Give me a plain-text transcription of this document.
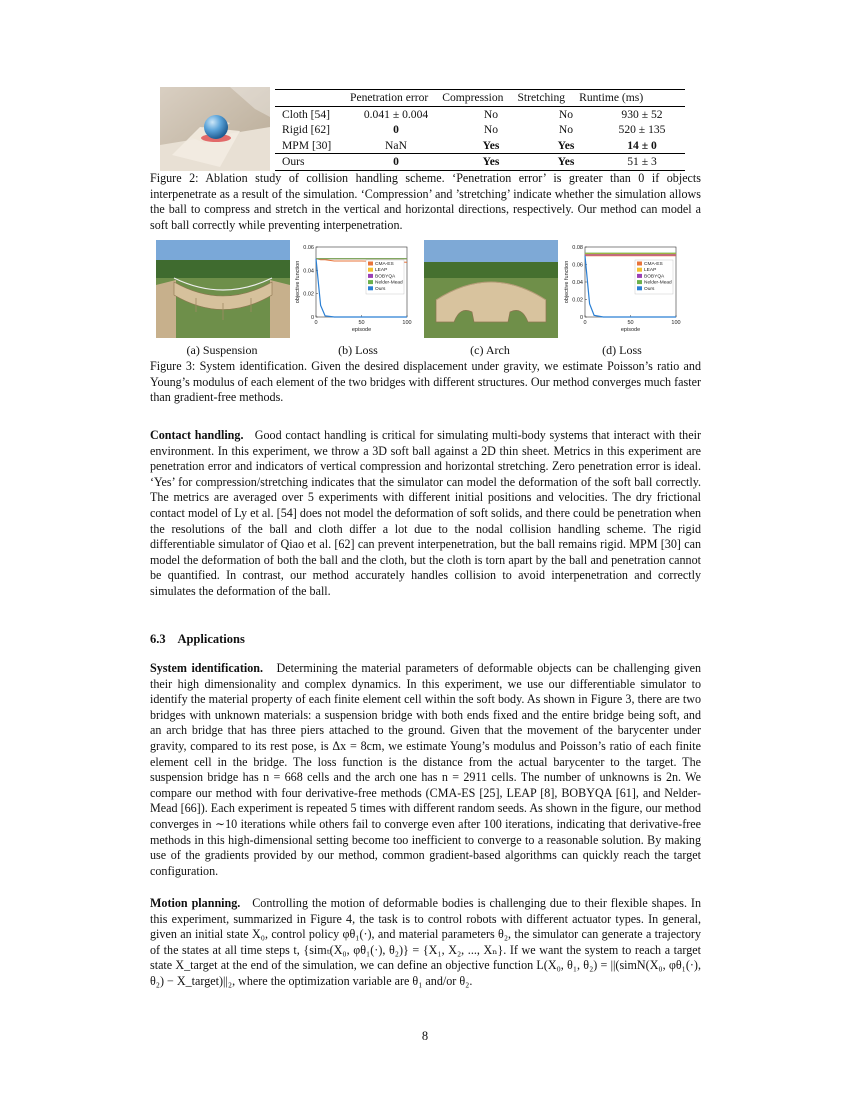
	Penetration error	Compression	Stretching	Runtime (ms)
Cloth [54]	0.041 ± 0.004	No	No	930 ± 52
Rigid [62]	0	No	No	520 ± 135
MPM [30]	NaN	Yes	Yes	14 ± 0
Ours	0	Yes	Yes	51 ± 3
Figure 2: Ablation study of collision handling scheme. ‘Penetration error’ is greater than 0 if objects interpenetrate as a result of the simulation. ‘Compression’ and ’stretching’ indicate whether the simulation allows the ball to compress and stretch in the vertical and horizontal directions, respectively. Our method can model a soft ball correctly while preventing interpenetration.
0
0.02
0.04
0.06
0	50	100
episode
objective function	CMA-ES
LEAP
BOBYQA
Nelder-Mead
Ours
0
0.02
0.04
0.06
0.08
0	50	100
episode
objective function	CMA-ES
LEAP
BOBYQA
Nelder-Mead
Ours
(a) Suspension	(b) Loss	(c) Arch	(d) Loss
Figure 3: System identification. Given the desired displacement under gravity, we estimate Poisson’s ratio and Young’s modulus of each element of the two bridges with different structures. Our method converges much faster than gradient-free methods.
Contact handling. Good contact handling is critical for simulating multi-body systems that interact with their environment. In this experiment, we throw a 3D soft ball against a 2D thin sheet. Metrics in this experiment are penetration error and indicators of vertical compression and horizontal stretching. Zero penetration error is ideal. ‘Yes’ for compression/stretching indicates that the simulator can model the deformation of the soft ball correctly. The metrics are averaged over 5 experiments with different initial positions and velocities. The dry frictional contact model of Ly et al. [54] does not model the deformation of soft solids, and there could be penetration when the resolutions of the ball and cloth differ a lot due to the nodal collision handling scheme. The rigid differentiable simulator of Qiao et al. [62] can prevent interpenetration, but the ball remains rigid. MPM [30] can model the deformation of both the ball and the cloth, but the cloth is torn apart by the ball and penetration cannot be quantified. In contrast, our method accurately handles collision to avoid interpenetration and correctly simulates the deformation of the ball.
6.3 Applications
System identification. Determining the material parameters of deformable objects can be challenging given their high dimensionality and complex dynamics. In this experiment, we use our differentiable simulator to identify the material property of each finite element cell within the soft body. As shown in Figure 3, there are two bridges with unknown materials: a suspension bridge with both ends fixed and the entire bridge being soft, and an arch bridge that has three piers attached to the ground. Given that the movement of the barycenter under gravity, compared to its rest pose, is Δx = 8cm, we estimate Young’s modulus and Poisson’s ratio of each finite element cell in the bridge. The loss function is the distance from the actual barycenter to the target. The suspension bridge has n = 668 cells and the arch one has n = 2911 cells. The number of unknowns is 2n. We compare our method with four derivative-free methods (CMA-ES [25], LEAP [8], BOBYQA [61], and Nelder-Mead [66]). Each experiment is repeated 5 times with different random seeds. As shown in the figure, our method converges in ∼10 iterations while others fail to converge even after 100 iterations, indicating that derivative-free methods in this high-dimensional setting become too inefficient to converge to a reasonable solution. By making use of the gradients provided by our method, common gradient-based algorithms can quickly reach the target configuration.
Motion planning. Controlling the motion of deformable bodies is challenging due to their flexible shapes. In this experiment, summarized in Figure 4, the task is to control robots with different actuator types. In general, given an initial state X₀, control policy φθ₁(·), and material parameters θ₂, the simulator can generate a trajectory of the states at all time steps t, {simₜ(X₀, φθ₁(·), θ₂)} = {X₁, X₂, ..., Xₙ}. If we want the system to reach a target state X_target at the end of the simulation, we can define an objective function L(X₀, θ₁, θ₂) = ||(simN(X₀, φθ₁(·), θ₂) − X_target)||₂, where the optimization variable are θ₁ and/or θ₂.
8
